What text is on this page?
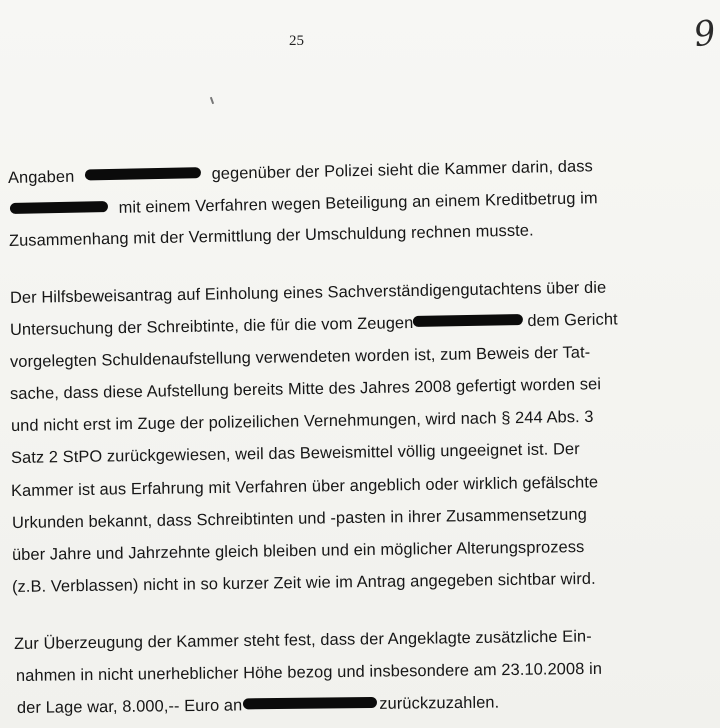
25	9
Angaben	gegenüber der Polizei sieht die Kammer darin, dass
mit einem Verfahren wegen Beteiligung an einem Kreditbetrug im
Zusammenhang mit der Vermittlung der Umschuldung rechnen musste.
Der Hilfsbeweisantrag auf Einholung eines Sachverständigengutachtens über die
Untersuchung der Schreibtinte, die für die vom Zeugen	dem Gericht
vorgelegten Schuldenaufstellung verwendeten worden ist, zum Beweis der Tat-
sache, dass diese Aufstellung bereits Mitte des Jahres 2008 gefertigt worden sei
und nicht erst im Zuge der polizeilichen Vernehmungen, wird nach § 244 Abs. 3
Satz 2 StPO zurückgewiesen, weil das Beweismittel völlig ungeeignet ist. Der
Kammer ist aus Erfahrung mit Verfahren über angeblich oder wirklich gefälschte
Urkunden bekannt, dass Schreibtinten und -pasten in ihrer Zusammensetzung
über Jahre und Jahrzehnte gleich bleiben und ein möglicher Alterungsprozess
(z.B. Verblassen) nicht in so kurzer Zeit wie im Antrag angegeben sichtbar wird.
Zur Überzeugung der Kammer steht fest, dass der Angeklagte zusätzliche Ein-
nahmen in nicht unerheblicher Höhe bezog und insbesondere am 23.10.2008 in
der Lage war, 8.000,-- Euro an	zurückzuzahlen.
